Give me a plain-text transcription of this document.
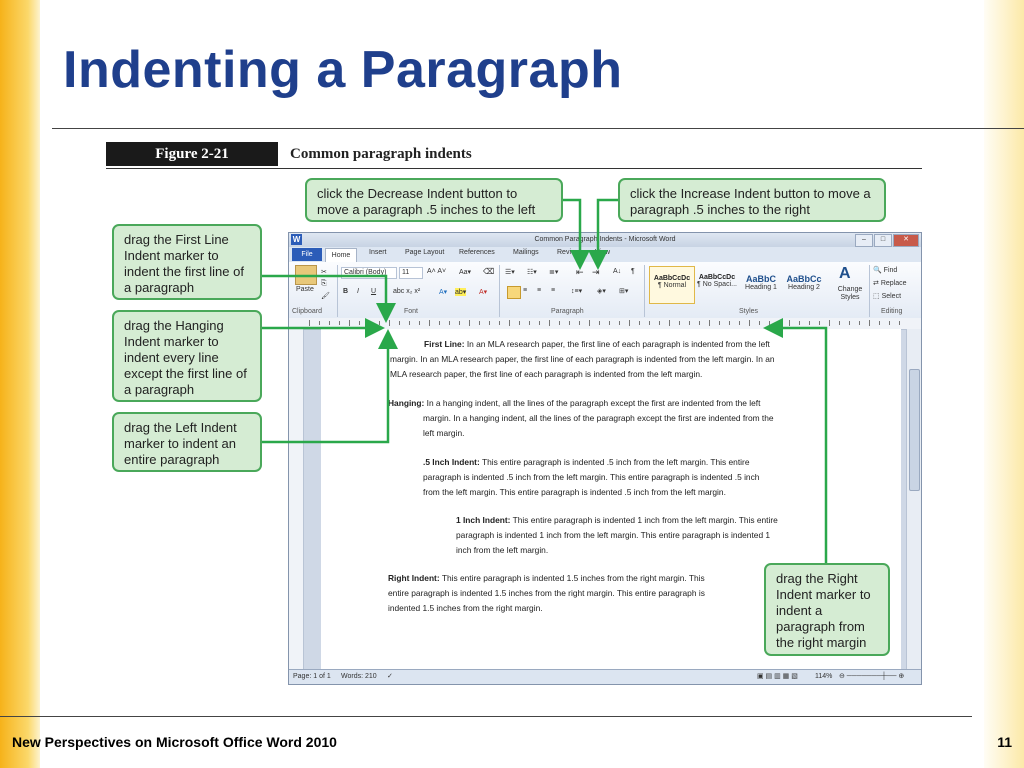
Indenting a Paragraph
Figure 2-21	Common paragraph indents
W	Common Paragraph Indents - Microsoft Word	–	□	✕
File	Home	Insert	Page Layout References	Mailings	Review View
Paste
✂
⎘
🖌
Clipboard
Calibri (Body) 11	A˄ A˅ Aa▾ ⌫
B I U abc x₂ x²	A▾ ab▾ A▾
Font
☰▾ ☷▾ ≣▾ ⇤ ⇥ A↓ ¶
≡ ≡ ≡ ↕≡▾ ◈▾ ⊞▾
Paragraph
AaBbCcDc
¶ Normal
AaBbCcDc
¶ No Spaci...
AaBbC
Heading 1
AaBbCc
Heading 2
A
Change Styles
Styles
🔍 Find
⇄ Replace
⬚ Select
Editing
Page: 1 of 1 Words: 210 ✓	▣ ▤ ▥ ▦ ▧ 114% ⊖ ───────┼── ⊕
First Line: In an MLA research paper, the first line of each paragraph is indented from the left
margin. In an MLA research paper, the first line of each paragraph is indented from the left margin. In an
MLA research paper, the first line of each paragraph is indented from the left margin.
Hanging: In a hanging indent, all the lines of the paragraph except the first are indented from the left
margin. In a hanging indent, all the lines of the paragraph except the first are indented from the
left margin.
.5 Inch Indent: This entire paragraph is indented .5 inch from the left margin. This entire
paragraph is indented .5 inch from the left margin. This entire paragraph is indented .5 inch
from the left margin. This entire paragraph is indented .5 inch from the left margin.
1 Inch Indent: This entire paragraph is indented 1 inch from the left margin. This entire
paragraph is indented 1 inch from the left margin. This entire paragraph is indented 1
inch from the left margin.
Right Indent: This entire paragraph is indented 1.5 inches from the right margin. This
entire paragraph is indented 1.5 inches from the right margin. This entire paragraph is
indented 1.5 inches from the right margin.
click the Decrease Indent button to move a paragraph .5 inches to the left
click the Increase Indent button to move a paragraph .5 inches to the right
drag the First Line Indent marker to indent the first line of a paragraph
drag the Hanging Indent marker to indent every line except the first line of a paragraph
drag the Left Indent marker to indent an entire paragraph
drag the Right Indent marker to indent a paragraph from the right margin
New Perspectives on Microsoft Office Word 2010	11
